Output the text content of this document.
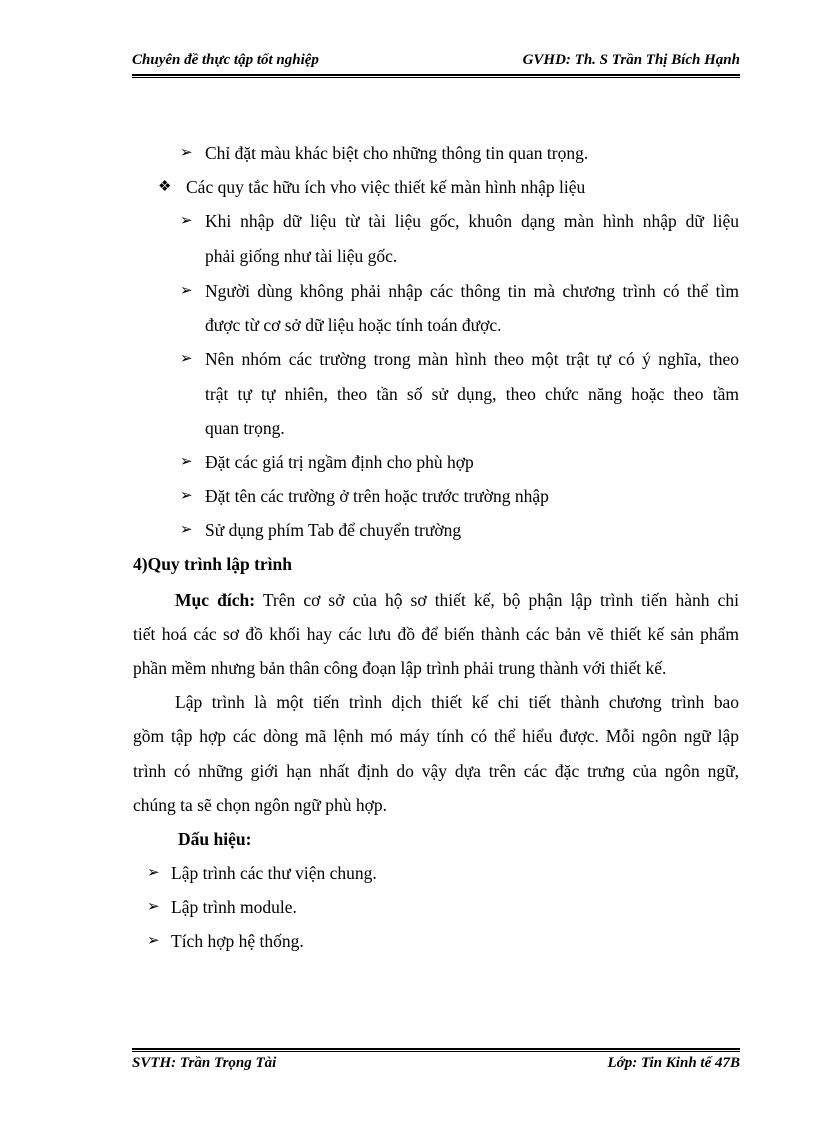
Chuyên đề thực tập tốt nghiệp	GVHD: Th. S Trần Thị Bích Hạnh
➢ Chỉ đặt màu khác biệt cho những thông tin quan trọng.
❖ Các quy tắc hữu ích vho việc thiết kế màn hình nhập liệu
➢ Khi nhập dữ liệu từ tài liệu gốc, khuôn dạng màn hình nhập dữ liệu
phải giống như tài liệu gốc.
➢ Người dùng không phải nhập các thông tin mà chương trình có thể tìm
được từ cơ sở dữ liệu hoặc tính toán được.
➢ Nên nhóm các trường trong màn hình theo một trật tự có ý nghĩa, theo
trật tự tự nhiên, theo tần số sử dụng, theo chức năng hoặc theo tầm
quan trọng.
➢ Đặt các giá trị ngầm định cho phù hợp
➢ Đặt tên các trường ở trên hoặc trước trường nhập
➢ Sử dụng phím Tab để chuyển trường
4)Quy trình lập trình
Mục đích: Trên cơ sở của hộ sơ thiết kế, bộ phận lập trình tiến hành chi
tiết hoá các sơ đồ khối hay các lưu đồ để biến thành các bản vẽ thiết kế sản phẩm
phần mềm nhưng bản thân công đoạn lập trình phải trung thành với thiết kế.
Lập trình là một tiến trình dịch thiết kế chi tiết thành chương trình bao
gồm tập hợp các dòng mã lệnh mó máy tính có thể hiểu được. Mỗi ngôn ngữ lập
trình có những giới hạn nhất định do vậy dựa trên các đặc trưng của ngôn ngữ,
chúng ta sẽ chọn ngôn ngữ phù hợp.
Dấu hiệu:
➢ Lập trình các thư viện chung.
➢ Lập trình module.
➢ Tích hợp hệ thống.
SVTH: Trần Trọng Tài	Lớp: Tin Kinh tế 47B
